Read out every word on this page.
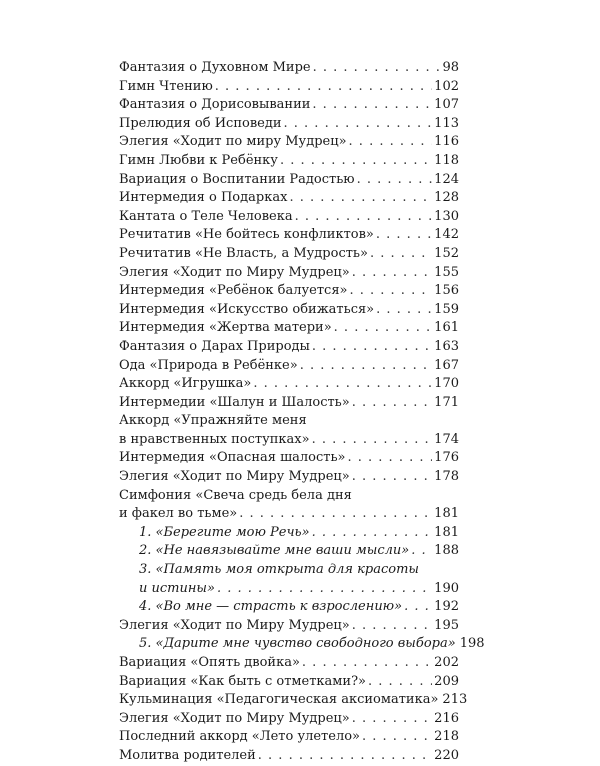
Фантазия о Духовном Мире . . .	98
Гимн Чтению . . .	102
Фантазия о Дорисовывании . . .	107
Прелюдия об Исповеди . . .	113
Элегия «Ходит по миру Мудрец» . . .	116
Гимн Любви к Ребёнку . . .	118
Вариация о Воспитании Радостью . . .	124
Интермедия о Подарках . . .	128
Кантата о Теле Человека . . .	130
Речитатив «Не бойтесь конфликтов» . . .	142
Речитатив «Не Власть, а Мудрость» . . .	152
Элегия «Ходит по Миру Мудрец» . . .	155
Интермедия «Ребёнок балуется» . . .	156
Интермедия «Искусство обижаться» . . .	159
Интермедия «Жертва матери» . . .	161
Фантазия о Дарах Природы . . .	163
Ода «Природа в Ребёнке» . . .	167
Аккорд «Игрушка» . . .	170
Интермедии «Шалун и Шалость» . . .	171
Аккорд «Упражняйте меня
в нравственных поступках» . . .	174
Интермедия «Опасная шалость» . . .	176
Элегия «Ходит по Миру Мудрец» . . .	178
Симфония «Свеча средь бела дня
и факел во тьме» . . .	181
1. «Берегите мою Речь» . . .	181
2. «Не навязывайте мне ваши мысли» . . . 188
3. «Память моя открыта для красоты
и истины» . . .	190
4. «Во мне — страсть к взрослению» . . . 192
Элегия «Ходит по Миру Мудрец» . . .	195
5. «Дарите мне чувство свободного выбора» 198
Вариация «Опять двойка» . . .	202
Вариация «Как быть с отметками?» . . .	209
Кульминация «Педагогическая аксиоматика» 213
Элегия «Ходит по Миру Мудрец» . . .	216
Последний аккорд «Лето улетело» . . .	218
Молитва родителей . . .	220
